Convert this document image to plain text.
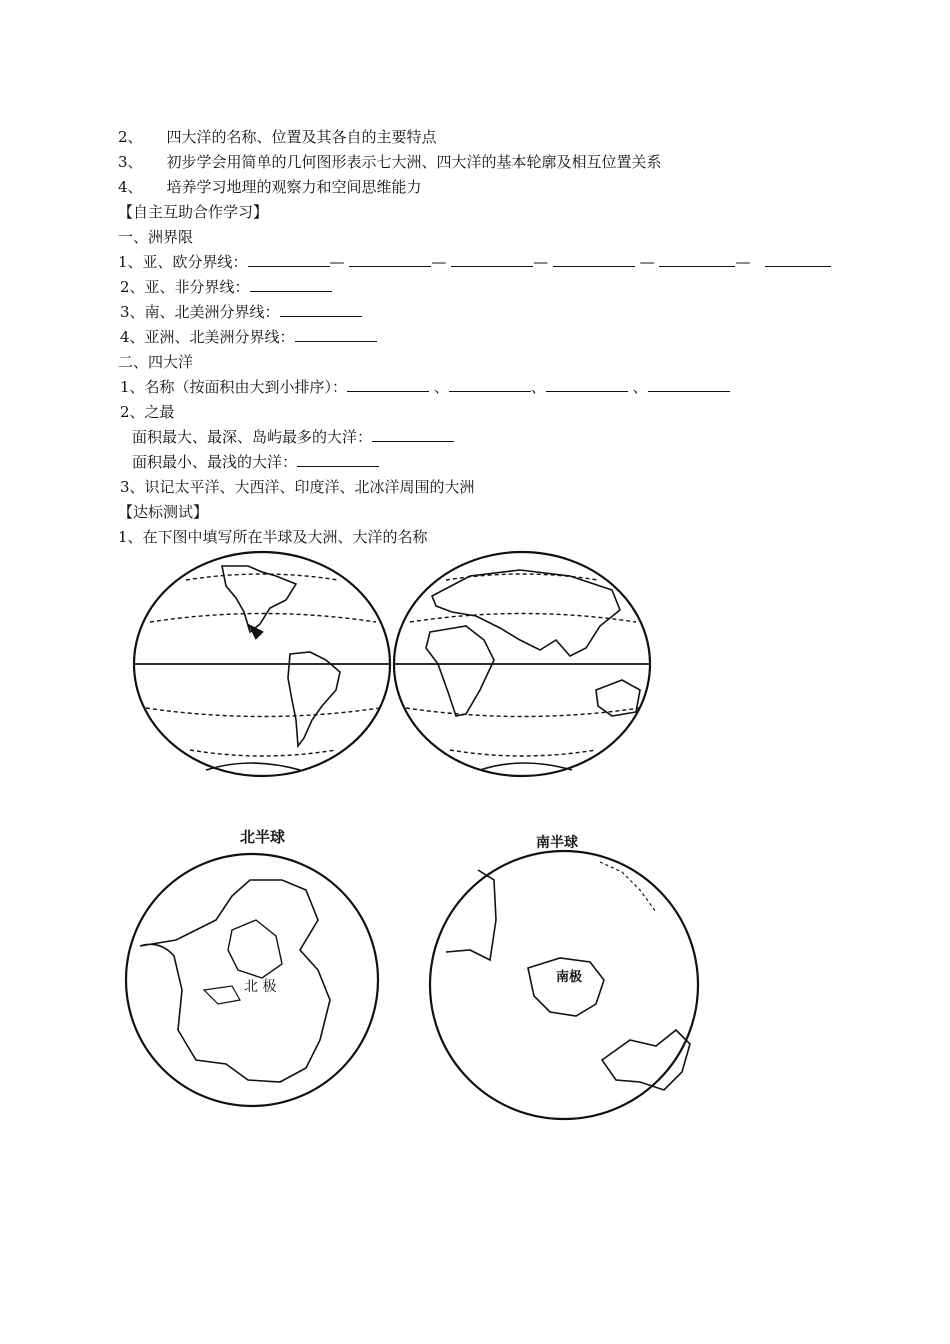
2、 四大洋的名称、位置及其各自的主要特点
3、 初步学会用简单的几何图形表示七大洲、四大洋的基本轮廓及相互位置关系
4、 培养学习地理的观察力和空间思维能力
【自主互助合作学习】
一、洲界限
1、亚、欧分界线：	—	—	—	—	—
2、亚、非分界线：
3、南、北美洲分界线：
4、亚洲、北美洲分界线：
二、四大洋
1、名称（按面积由大到小排序）：	、	、	、
2、之最
面积最大、最深、岛屿最多的大洋：
面积最小、最浅的大洋：
3、识记太平洋、大西洋、印度洋、北冰洋周围的大洲
【达标测试】
1、在下图中填写所在半球及大洲、大洋的名称
北半球	南半球
北 极
南极
